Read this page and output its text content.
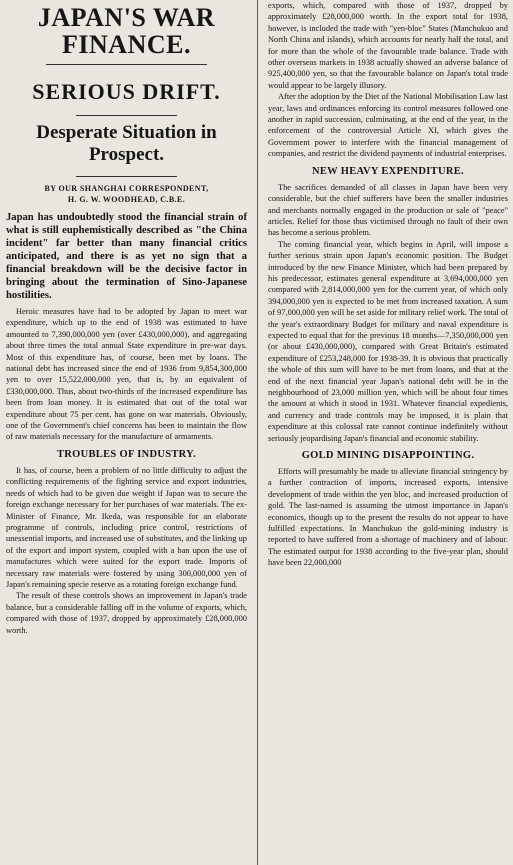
JAPAN'S WAR
FINANCE.
SERIOUS DRIFT.
Desperate Situation in
Prospect.
BY OUR SHANGHAI CORRESPONDENT,
H. G. W. WOODHEAD, C.B.E.

Japan has undoubtedly stood the financial strain of what is still euphemistically described as "the China incident" far better than many financial critics anticipated, and there is as yet no sign that a financial breakdown will be the decisive factor in bringing about the termination of Sino-Japanese hostilities.

Heroic measures have had to be adopted by Japan to meet war expenditure, which up to the end of 1938 was estimated to have amounted to 7,390,000,000 yen (over £430,000,000), and aggregating about three times the total annual State expenditure in pre-war days. Most of this expenditure has, of course, been met by loans. The national debt has increased since the end of 1936 from 9,854,300,000 yen to over 15,522,000,000 yen, that is, by an equivalent of £330,000,000. Thus, about two-thirds of the increased expenditure has been from loan money. It is estimated that out of the total war expenditure about 75 per cent. has gone on war materials. Obviously, one of the Government's chief concerns has been to maintain the flow of raw materials necessary for the manufacture of armaments.

TROUBLES OF INDUSTRY.

It has, of course, been a problem of no little difficulty to adjust the conflicting requirements of the fighting service and export industries, needs of which had to be given due weight if Japan was to secure the foreign exchange necessary for her purchases of war materials. The ex-Minister of Finance, Mr. Ikeda, was responsible for an elaborate programme of controls, including price control, restrictions of unessential imports, and increased use of substitutes, and the linking up of the export and import system, coupled with a ban upon the use of manufactures which were suited for the export trade. Imports of necessary raw materials were fostered by using 300,000,000 yen of Japan's remaining specie reserve as a rotating foreign exchange fund.

The result of these controls shows an improvement in Japan's trade balance, but a considerable falling off in the volume of exports, which, compared with those of 1937, dropped by approximately £28,000,000 worth.

exports, which, compared with those of 1937, dropped by approximately £28,000,000 worth. In the export total for 1938, however, is included the trade with "yen-bloc" States (Manchukuo and North China and islands), which accounts for nearly half the total, and for more than the whole of the favourable trade balance. Trade with other overseas markets in 1938 actually showed an adverse balance of 925,400,000 yen, so that the favourable balance on Japan's total trade would appear to be largely illusory.

After the adoption by the Diet of the National Mobilisation Law last year, laws and ordinances enforcing its control measures followed one another in rapid succession, culminating, at the end of the year, in the enforcement of the controversial Article XI, which gives the Government power to interfere with the financial management of companies, and restrict the dividend payments of industrial enterprises.

NEW HEAVY EXPENDITURE.

The sacrifices demanded of all classes in Japan have been very considerable, but the chief sufferers have been the smaller industries and merchants normally engaged in the production or sale of "peace" articles. Relief for those thus victimised through no fault of their own has become a serious problem.

The coming financial year, which begins in April, will impose a further serious strain upon Japan's economic position. The Budget introduced by the new Finance Minister, which had been prepared by his predecessor, estimates general expenditure at 3,694,000,000 yen compared with 2,814,000,000 yen for the current year, of which only 394,000,000 yen is expected to be met from increased taxation. A sum of 97,000,000 yen will be set aside for military relief work. The total of the year's extraordinary Budget for military and naval expenditure is expected to equal that for the previous 18 months—7,350,000,000 yen (or about £430,000,000), compared with Great Britain's estimated expenditure of £253,248,000 for 1938-39. It is obvious that practically the whole of this sum will have to be met from loans, and that at the end of the next financial year Japan's national debt will be in the neighbourhood of 23,000 million yen, which will be about four times the amount at which it stood in 1931. Whatever financial expedients, and currency and trade controls may be imposed, it is plain that expenditure at this colossal rate cannot continue indefinitely without seriously jeopardising Japan's financial and economic stability.

GOLD MINING DISAPPOINTING.

Efforts will presumably be made to alleviate financial stringency by a further contraction of imports, increased exports, intensive development of trade within the yen bloc, and increased production of gold. The last-named is assuming the utmost importance in Japan's economics, though up to the present the results do not appear to have fulfilled expectations. In Manchukuo the gold-mining industry is reported to have suffered from a shortage of machinery and of labour. The estimated output for 1938 according to the five-year plan, should have been 22,000,000
